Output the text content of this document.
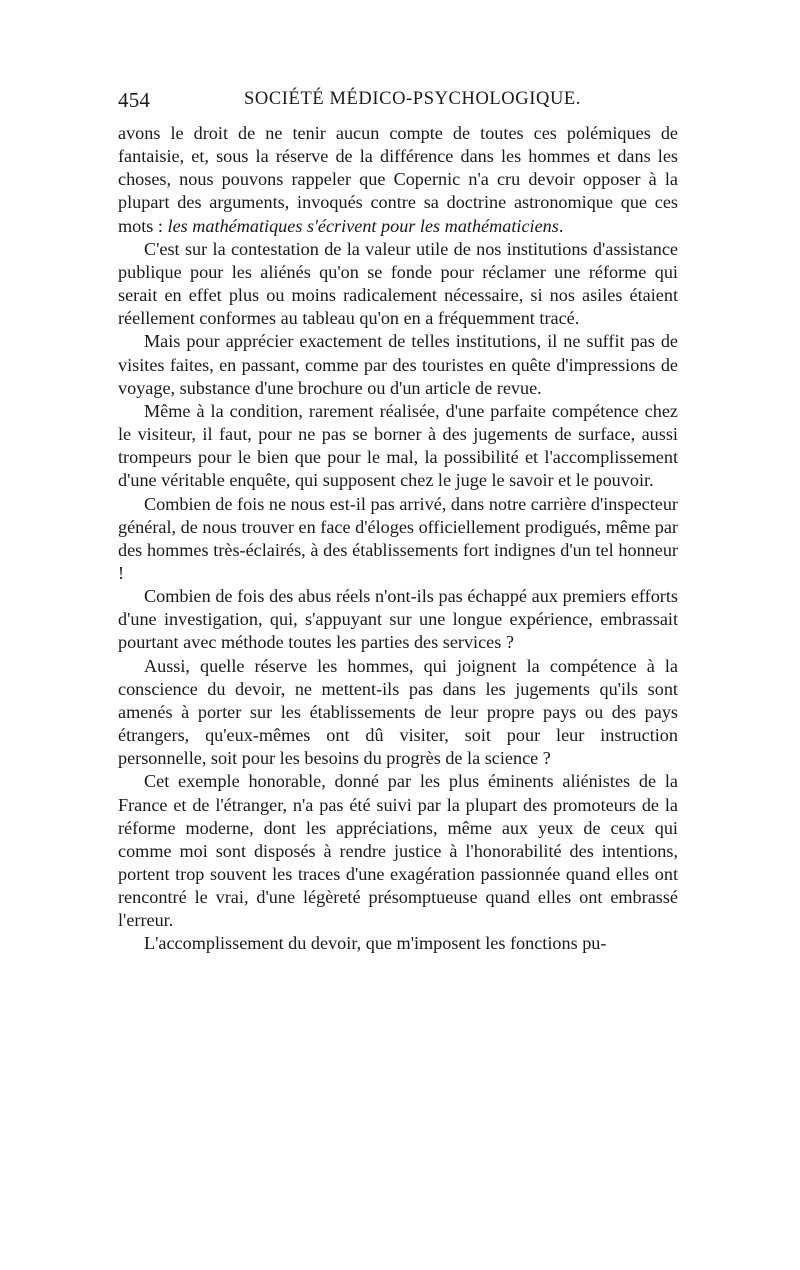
454	SOCIÉTÉ MÉDICO-PSYCHOLOGIQUE.

avons le droit de ne tenir aucun compte de toutes ces polémiques de fantaisie, et, sous la réserve de la différence dans les hommes et dans les choses, nous pouvons rappeler que Copernic n'a cru devoir opposer à la plupart des arguments, invoqués contre sa doctrine astronomique que ces mots : les mathématiques s'écrivent pour les mathématiciens.

C'est sur la contestation de la valeur utile de nos institutions d'assistance publique pour les aliénés qu'on se fonde pour réclamer une réforme qui serait en effet plus ou moins radicalement nécessaire, si nos asiles étaient réellement conformes au tableau qu'on en a fréquemment tracé.

Mais pour apprécier exactement de telles institutions, il ne suffit pas de visites faites, en passant, comme par des touristes en quête d'impressions de voyage, substance d'une brochure ou d'un article de revue.

Même à la condition, rarement réalisée, d'une parfaite compétence chez le visiteur, il faut, pour ne pas se borner à des jugements de surface, aussi trompeurs pour le bien que pour le mal, la possibilité et l'accomplissement d'une véritable enquête, qui supposent chez le juge le savoir et le pouvoir.

Combien de fois ne nous est-il pas arrivé, dans notre carrière d'inspecteur général, de nous trouver en face d'éloges officiellement prodigués, même par des hommes très-éclairés, à des établissements fort indignes d'un tel honneur !

Combien de fois des abus réels n'ont-ils pas échappé aux premiers efforts d'une investigation, qui, s'appuyant sur une longue expérience, embrassait pourtant avec méthode toutes les parties des services ?

Aussi, quelle réserve les hommes, qui joignent la compétence à la conscience du devoir, ne mettent-ils pas dans les jugements qu'ils sont amenés à porter sur les établissements de leur propre pays ou des pays étrangers, qu'eux-mêmes ont dû visiter, soit pour leur instruction personnelle, soit pour les besoins du progrès de la science ?

Cet exemple honorable, donné par les plus éminents aliénistes de la France et de l'étranger, n'a pas été suivi par la plupart des promoteurs de la réforme moderne, dont les appréciations, même aux yeux de ceux qui comme moi sont disposés à rendre justice à l'honorabilité des intentions, portent trop souvent les traces d'une exagération passionnée quand elles ont rencontré le vrai, d'une légèreté présomptueuse quand elles ont embrassé l'erreur.

L'accomplissement du devoir, que m'imposent les fonctions pu-
